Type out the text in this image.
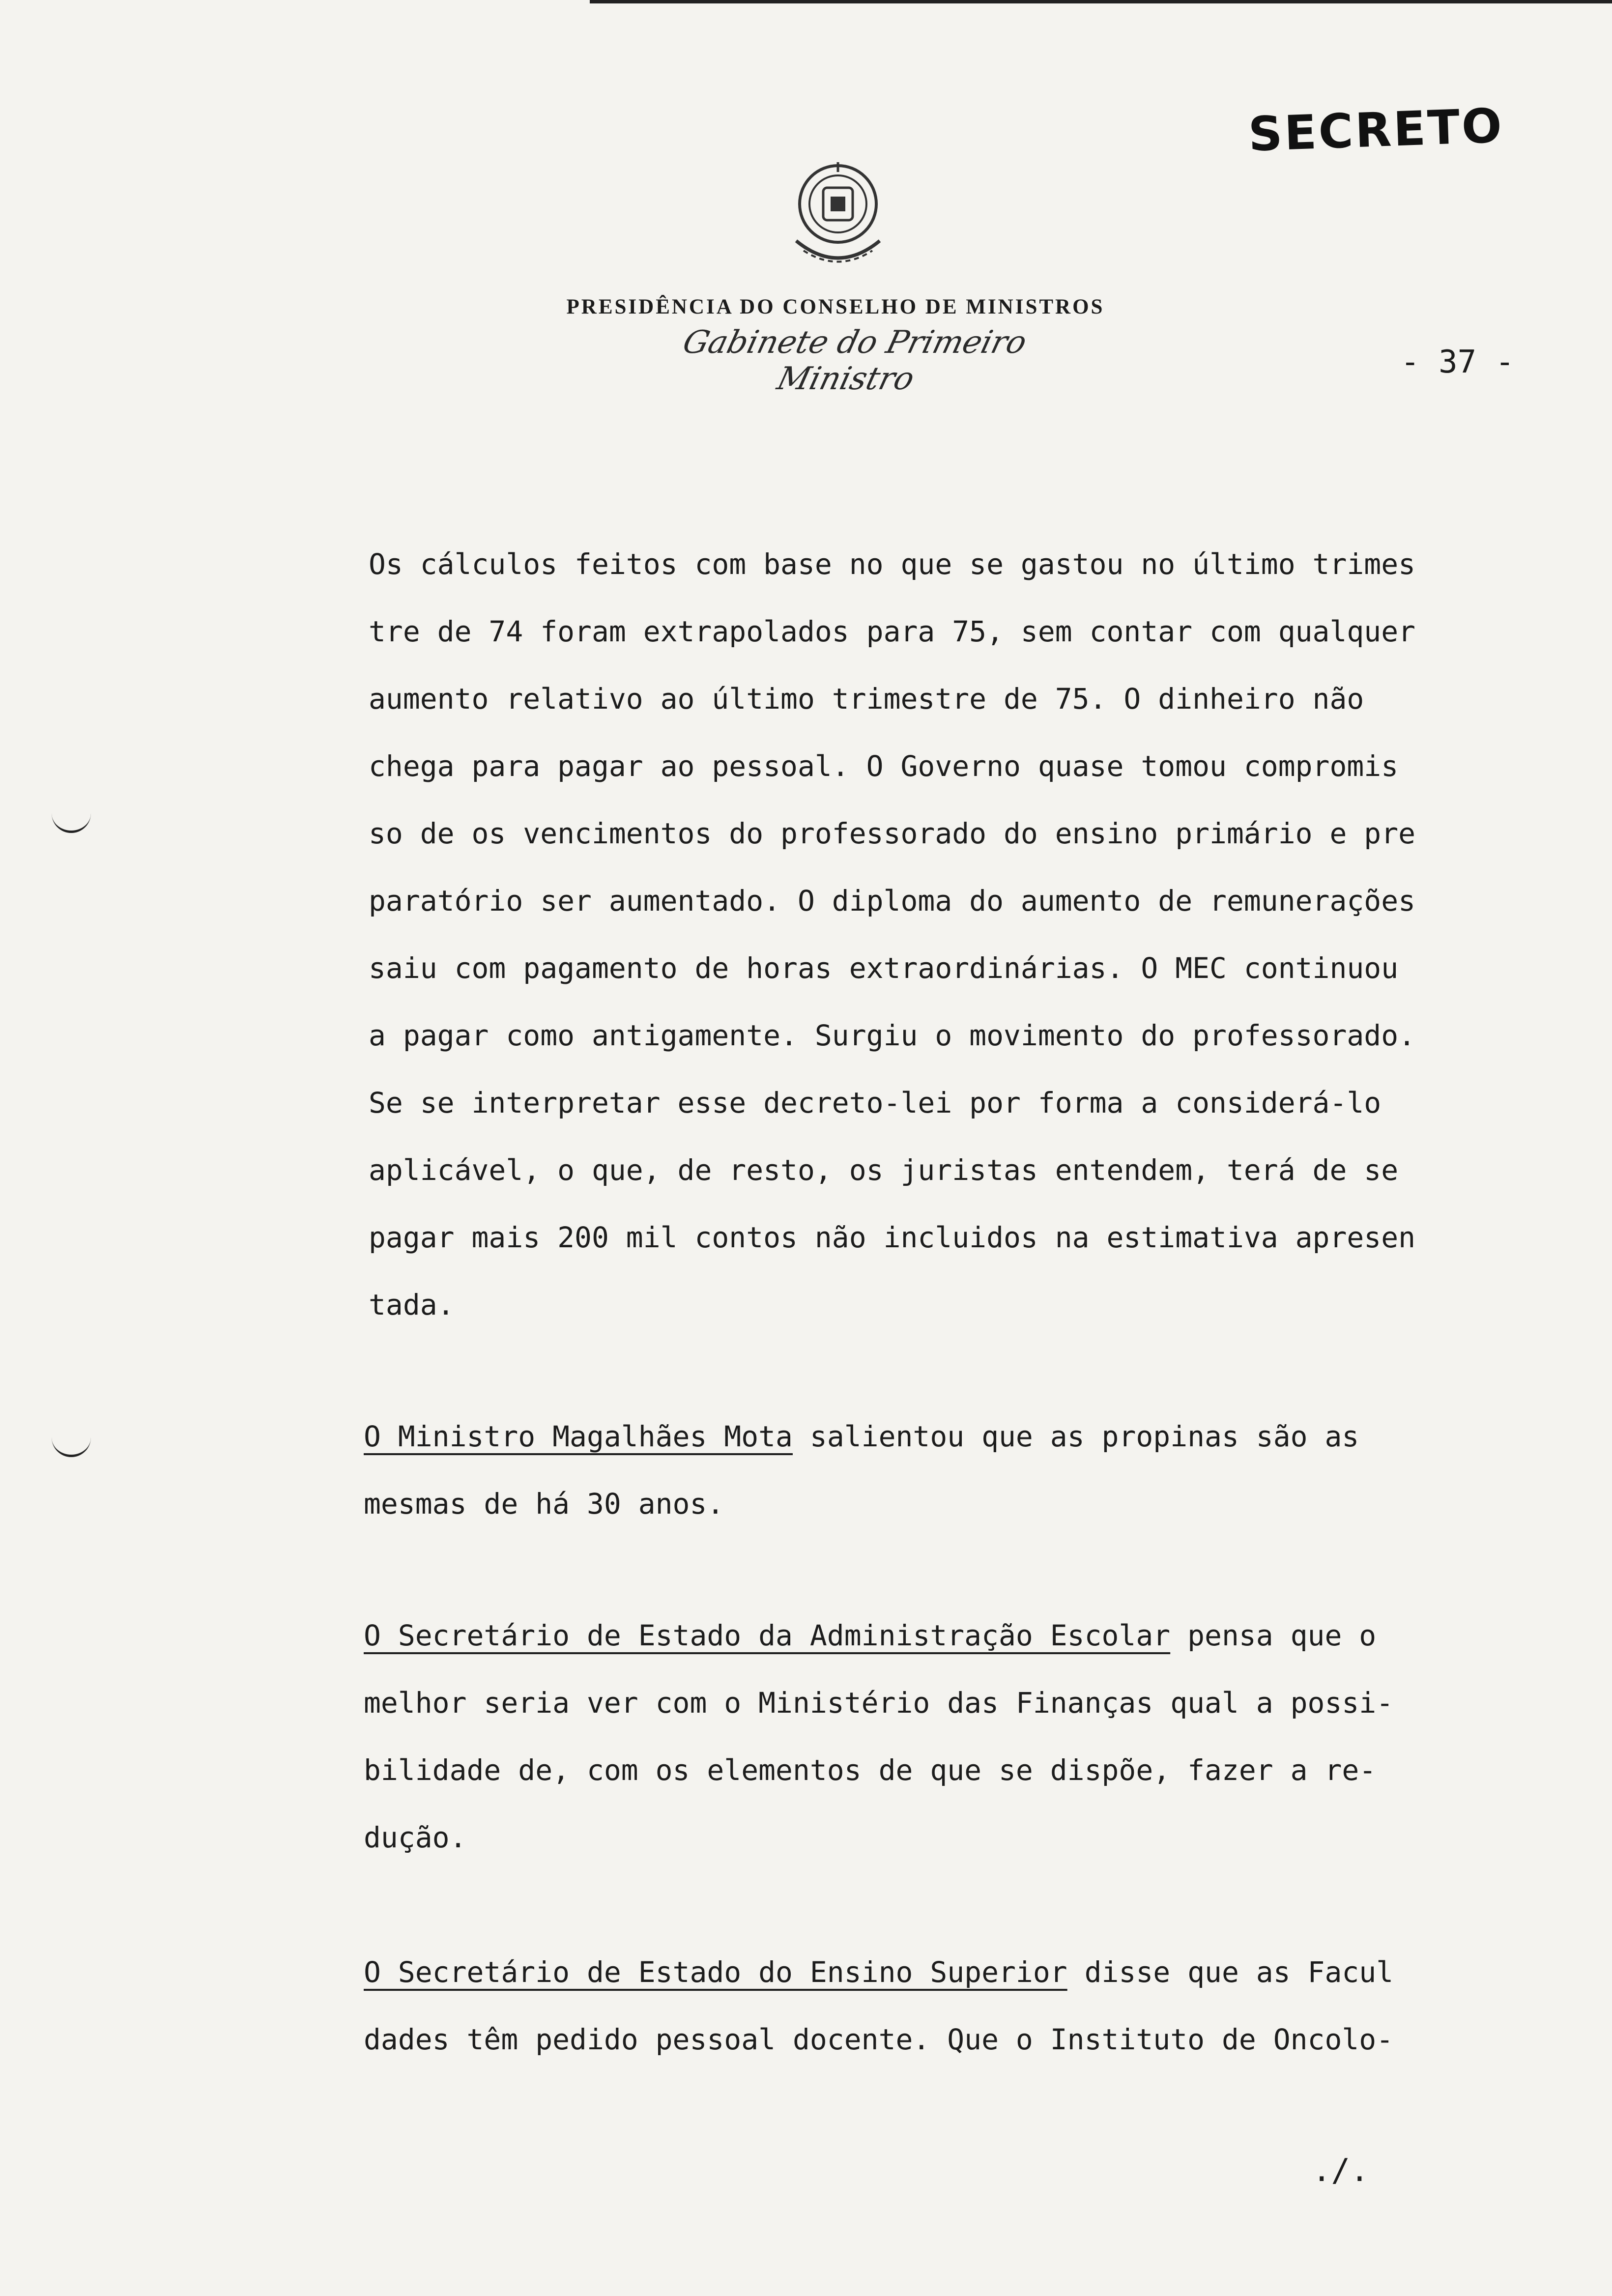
SECRETO
PRESIDÊNCIA DO CONSELHO DE MINISTROS
Gabinete do Primeiro Ministro	- 37 -
Os cálculos feitos com base no que se gastou no último trimes
tre de 74 foram extrapolados para 75, sem contar com qualquer
aumento relativo ao último trimestre de 75. O dinheiro não
chega para pagar ao pessoal. O Governo quase tomou compromis
so de os vencimentos do professorado do ensino primário e pre
paratório ser aumentado. O diploma do aumento de remunerações
saiu com pagamento de horas extraordinárias. O MEC continuou
a pagar como antigamente. Surgiu o movimento do professorado.
Se se interpretar esse decreto-lei por forma a considerá-lo
aplicável, o que, de resto, os juristas entendem, terá de se
pagar mais 200 mil contos não incluidos na estimativa apresen
tada.
O Ministro Magalhães Mota salientou que as propinas são as
mesmas de há 30 anos.
O Secretário de Estado da Administração Escolar pensa que o
melhor seria ver com o Ministério das Finanças qual a possi-
bilidade de, com os elementos de que se dispõe, fazer a re-
dução.
O Secretário de Estado do Ensino Superior disse que as Facul
dades têm pedido pessoal docente. Que o Instituto de Oncolo-
./.
